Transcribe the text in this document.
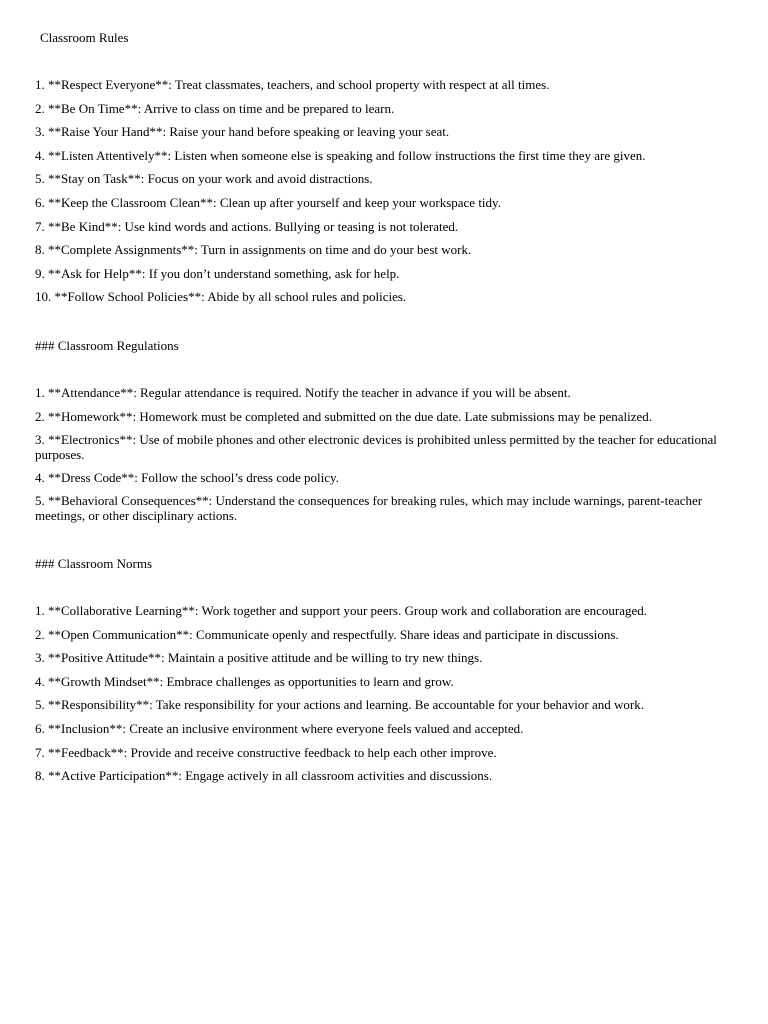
Classroom Rules
1. **Respect Everyone**: Treat classmates, teachers, and school property with respect at all times.
2. **Be On Time**: Arrive to class on time and be prepared to learn.
3. **Raise Your Hand**: Raise your hand before speaking or leaving your seat.
4. **Listen Attentively**: Listen when someone else is speaking and follow instructions the first time they are given.
5. **Stay on Task**: Focus on your work and avoid distractions.
6. **Keep the Classroom Clean**: Clean up after yourself and keep your workspace tidy.
7. **Be Kind**: Use kind words and actions. Bullying or teasing is not tolerated.
8. **Complete Assignments**: Turn in assignments on time and do your best work.
9. **Ask for Help**: If you don’t understand something, ask for help.
10. **Follow School Policies**: Abide by all school rules and policies.
### Classroom Regulations
1. **Attendance**: Regular attendance is required. Notify the teacher in advance if you will be absent.
2. **Homework**: Homework must be completed and submitted on the due date. Late submissions may be penalized.
3. **Electronics**: Use of mobile phones and other electronic devices is prohibited unless permitted by the teacher for educational purposes.
4. **Dress Code**: Follow the school’s dress code policy.
5. **Behavioral Consequences**: Understand the consequences for breaking rules, which may include warnings, parent-teacher meetings, or other disciplinary actions.
### Classroom Norms
1. **Collaborative Learning**: Work together and support your peers. Group work and collaboration are encouraged.
2. **Open Communication**: Communicate openly and respectfully. Share ideas and participate in discussions.
3. **Positive Attitude**: Maintain a positive attitude and be willing to try new things.
4. **Growth Mindset**: Embrace challenges as opportunities to learn and grow.
5. **Responsibility**: Take responsibility for your actions and learning. Be accountable for your behavior and work.
6. **Inclusion**: Create an inclusive environment where everyone feels valued and accepted.
7. **Feedback**: Provide and receive constructive feedback to help each other improve.
8. **Active Participation**: Engage actively in all classroom activities and discussions.
